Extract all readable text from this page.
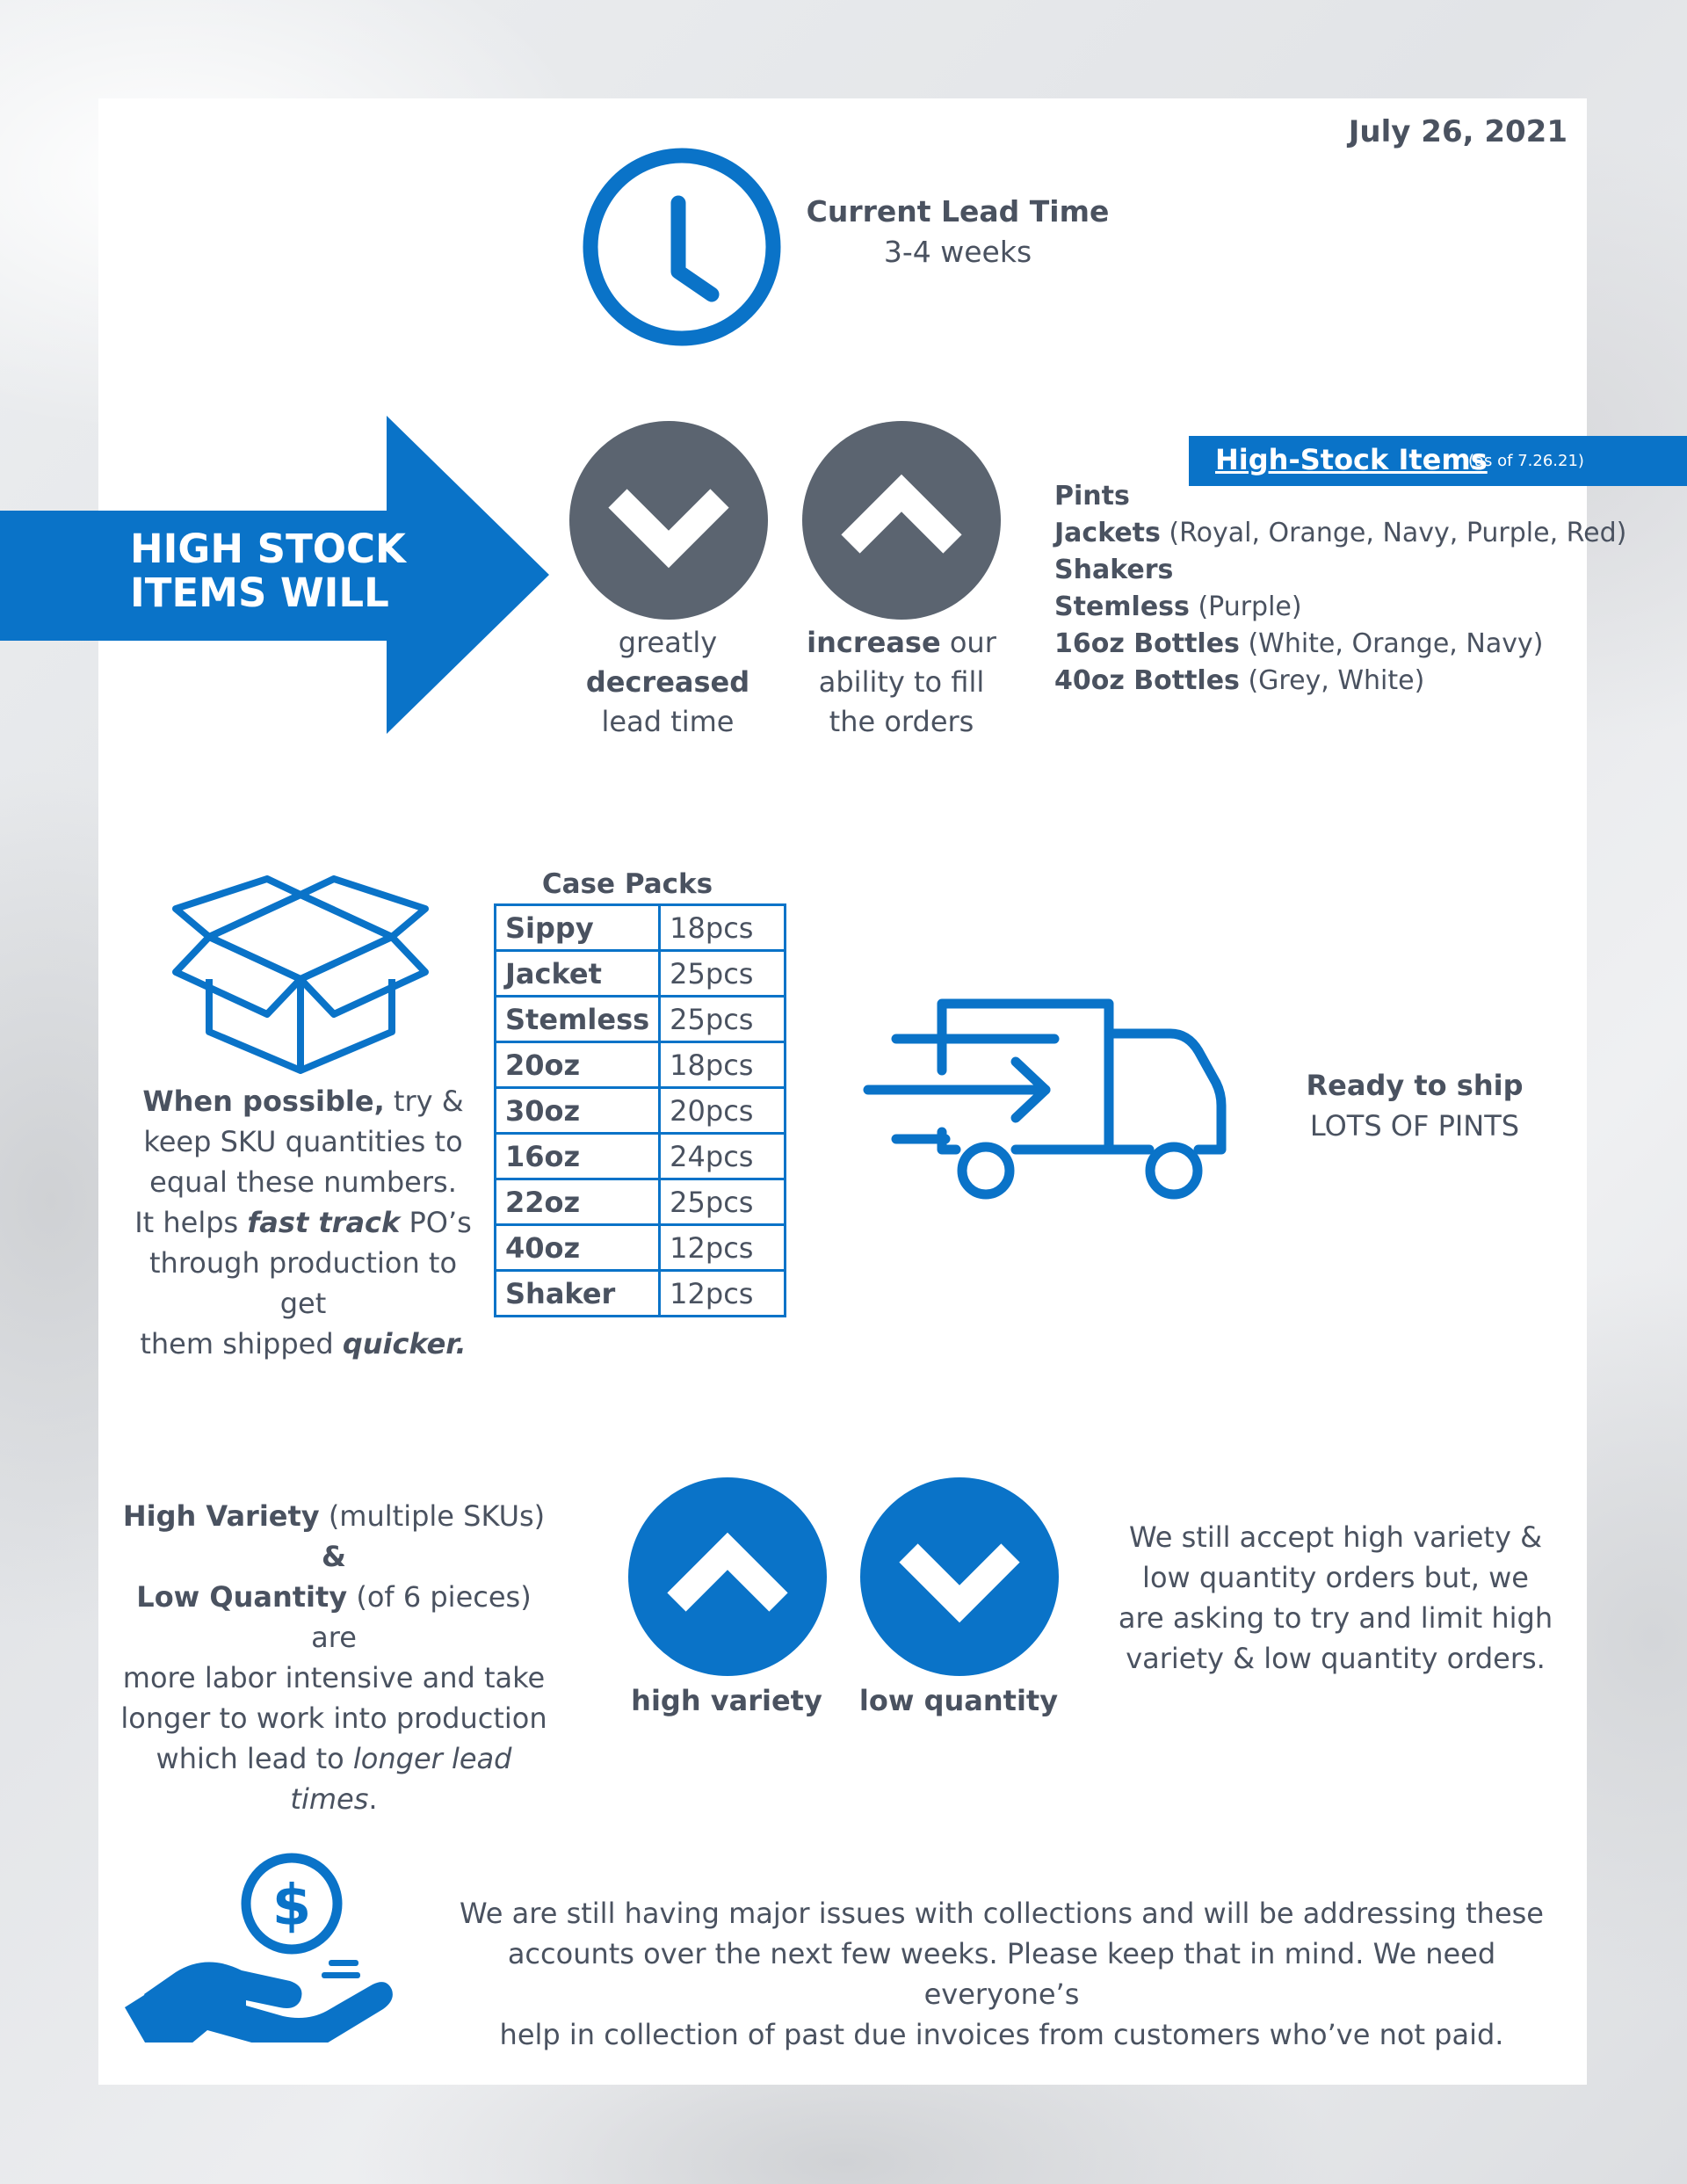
July 26, 2021
Current Lead Time
3-4 weeks
HIGH STOCK
ITEMS WILL
greatly
decreased
lead time
increase our
ability to fill
the orders
High-Stock Items
(as of 7.26.21)
Pints
Jackets (Royal, Orange, Navy, Purple, Red)
Shakers
Stemless (Purple)
16oz Bottles (White, Orange, Navy)
40oz Bottles (Grey, White)
When possible, try &
keep SKU quantities to
equal these numbers.
It helps fast track PO’s
through production to get
them shipped quicker.
Case Packs
Sippy	18pcs
Jacket	25pcs
Stemless	25pcs
20oz	18pcs
30oz	20pcs
16oz	24pcs
22oz	25pcs
40oz	12pcs
Shaker	12pcs
Ready to ship
LOTS OF PINTS
High Variety (multiple SKUs) &
Low Quantity (of 6 pieces) are
more labor intensive and take
longer to work into production
which lead to longer lead times.
high variety	low quantity
We still accept high variety &
low quantity orders but, we
are asking to try and limit high
variety & low quantity orders.
$	We are still having major issues with collections and will be addressing these
accounts over the next few weeks. Please keep that in mind. We need everyone’s
help in collection of past due invoices from customers who’ve not paid.
